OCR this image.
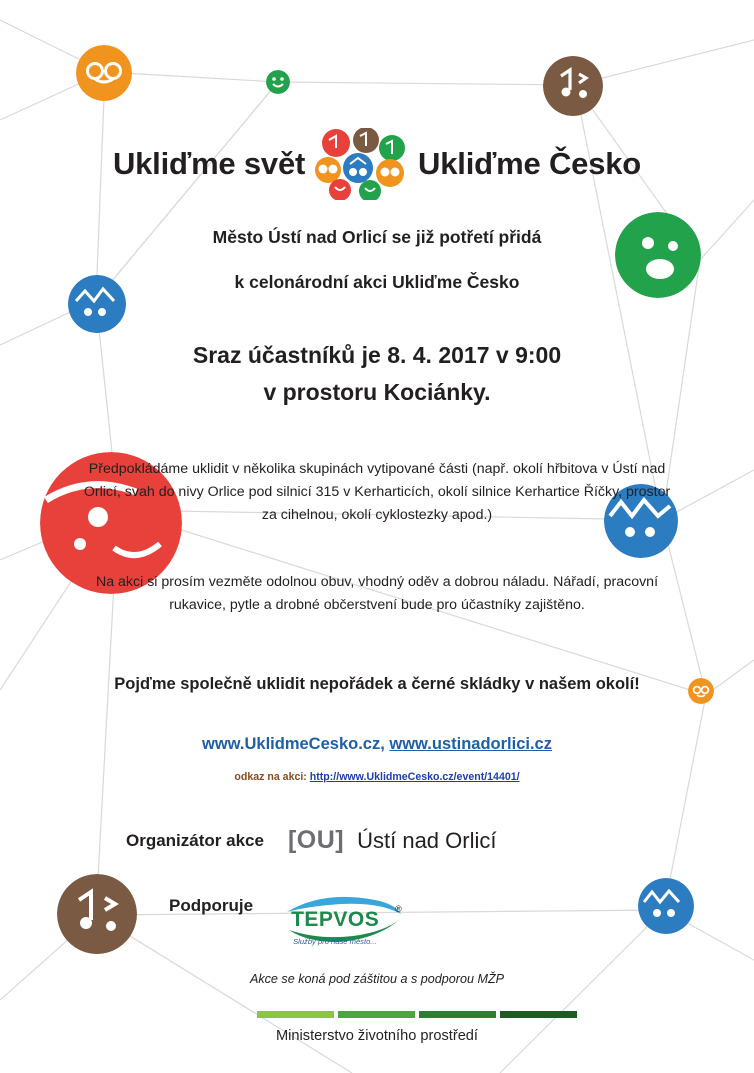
Ukliďme svět	Ukliďme Česko
Město Ústí nad Orlicí se již potřetí přidá
k celonárodní akci Ukliďme Česko
Sraz účastníků je 8. 4. 2017 v 9:00
v prostoru Kociánky.
Předpokládáme uklidit v několika skupinách vytipované části (např. okolí hřbitova v Ústí nad Orlicí, svah do nivy Orlice pod silnicí 315 v Kerharticích, okolí silnice Kerhartice Říčky, prostor za cihelnou, okolí cyklostezky apod.)
Na akci si prosím vezměte odolnou obuv, vhodný oděv a dobrou náladu. Nářadí, pracovní rukavice, pytle a drobné občerstvení bude pro účastníky zajištěno.
Pojďme společně uklidit nepořádek a černé skládky v našem okolí!
www.UklidmeCesko.cz, www.ustinadorlici.cz
odkaz na akci: http://www.UklidmeCesko.cz/event/14401/
Organizátor akce [OU] Ústí nad Orlicí
Podporuje
TEPVOS ®
Služby pro naše město...
Akce se koná pod záštitou a s podporou MŽP
Ministerstvo životního prostředí
